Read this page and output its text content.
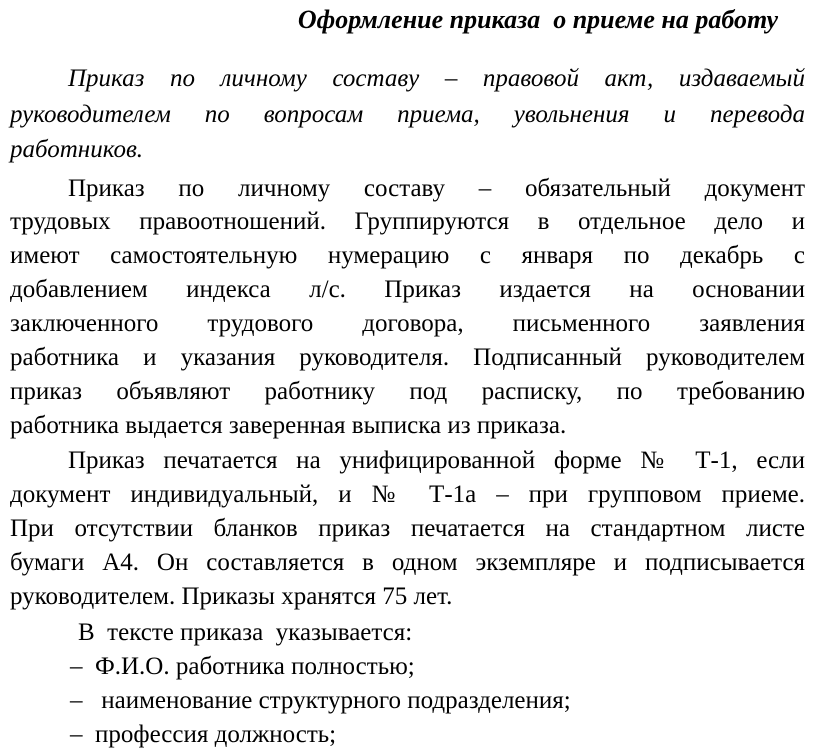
Оформление приказа  о приеме на работу
Приказ по личному составу – правовой акт, издаваемый
руководителем по вопросам приема, увольнения и перевода
работников.
Приказ по личному составу – обязательный документ
трудовых правоотношений. Группируются в отдельное дело и
имеют самостоятельную нумерацию с января по декабрь с
добавлением индекса л/с. Приказ издается на основании
заключенного трудового договора, письменного заявления
работника и указания руководителя. Подписанный руководителем
приказ объявляют работнику под расписку, по требованию
работника выдается заверенная выписка из приказа.
Приказ печатается на унифицированной форме № Т-1, если
документ индивидуальный, и № Т-1а – при групповом приеме.
При отсутствии бланков приказ печатается на стандартном листе
бумаги А4. Он составляется в одном экземпляре и подписывается
руководителем. Приказы хранятся 75 лет.
В  тексте приказа  указывается:
–  Ф.И.О. работника полностью;
–   наименование структурного подразделения;
–  профессия должность;
